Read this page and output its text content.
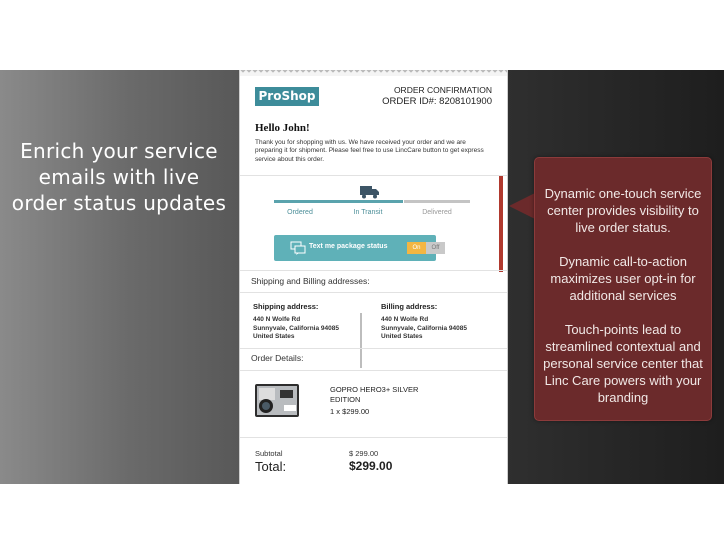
Enrich your service
emails with live
order status updates
ProShop	ORDER CONFIRMATION
ORDER ID#: 8208101900
Hello John!
Thank you for shopping with us. We have received your order and we are preparing it for shipment. Please feel free to use LincCare button to get express service about this order.
Ordered	In Transit	Delivered
Text me package status	On	Off
Shipping and Billing addresses:
Shipping address:
440 N Wolfe Rd
Sunnyvale, California 94085
United States
Billing address:
440 N Wolfe Rd
Sunnyvale, California 94085
United States
Order Details:
GOPRO HERO3+ SILVER EDITION
1 x $299.00
Subtotal	$ 299.00
Total:	$299.00

Dynamic one-touch service center provides visibility to live order status.

Dynamic call-to-action maximizes user opt-in for additional services

Touch-points lead to streamlined contextual and personal service center that Linc Care powers with your branding
